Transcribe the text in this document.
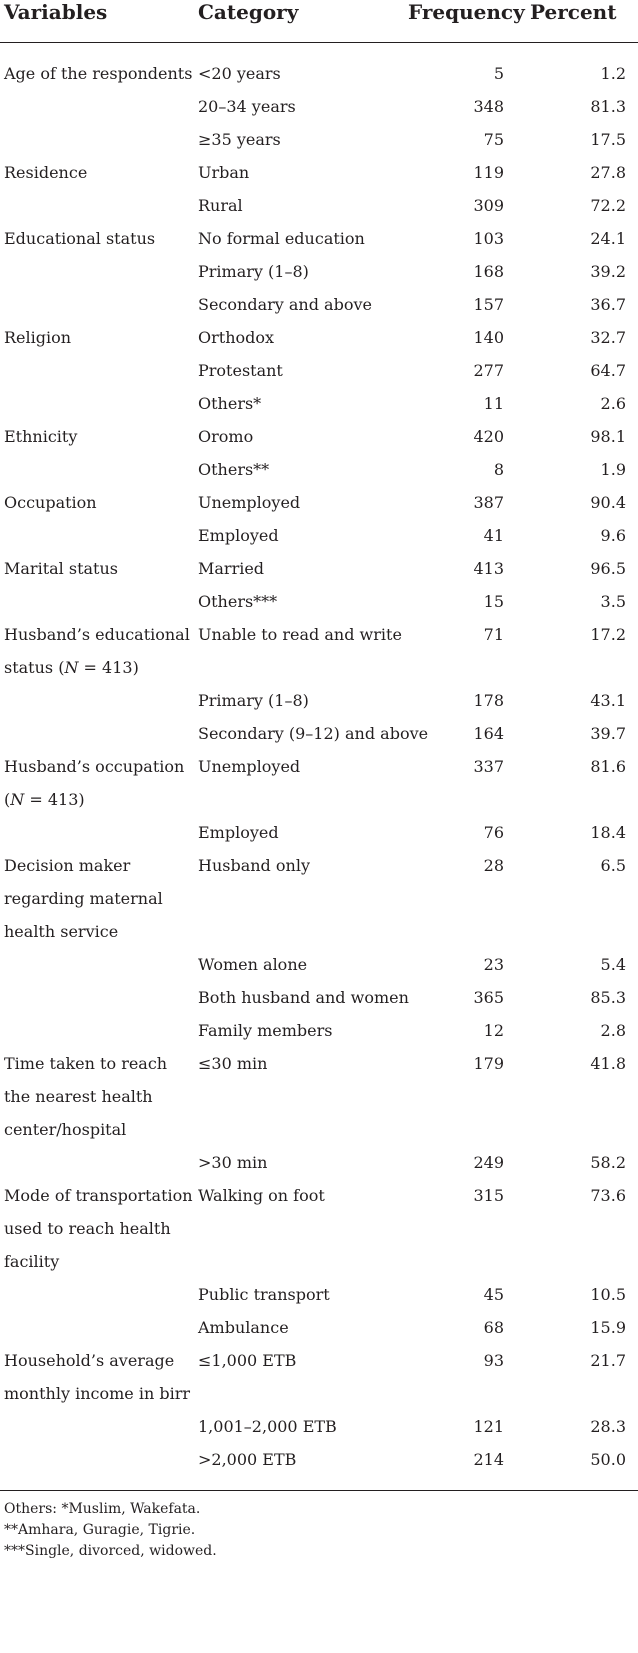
Variables	Category	Frequency	Percent
Age of the respondents	<20 years	5	1.2
	20–34 years	348	81.3
	≥35 years	75	17.5
Residence	Urban	119	27.8
	Rural	309	72.2
Educational status	No formal education	103	24.1
	Primary (1–8)	168	39.2
	Secondary and above	157	36.7
Religion	Orthodox	140	32.7
	Protestant	277	64.7
	Others*	11	2.6
Ethnicity	Oromo	420	98.1
	Others**	8	1.9
Occupation	Unemployed	387	90.4
	Employed	41	9.6
Marital status	Married	413	96.5
	Others***	15	3.5
Husband’s educational status (N = 413)	Unable to read and write	71	17.2
	Primary (1–8)	178	43.1
	Secondary (9–12) and above	164	39.7
Husband’s occupation (N = 413)	Unemployed	337	81.6
	Employed	76	18.4
Decision maker regarding maternal health service	Husband only	28	6.5
	Women alone	23	5.4
	Both husband and women	365	85.3
	Family members	12	2.8
Time taken to reach the nearest health center/hospital	≤30 min	179	41.8
	>30 min	249	58.2
Mode of transportation used to reach health facility	Walking on foot	315	73.6
	Public transport	45	10.5
	Ambulance	68	15.9
Household’s average monthly income in birr	≤1,000 ETB	93	21.7
	1,001–2,000 ETB	121	28.3
	>2,000 ETB	214	50.0
Others: *Muslim, Wakefata.
**Amhara, Guragie, Tigrie.
***Single, divorced, widowed.
